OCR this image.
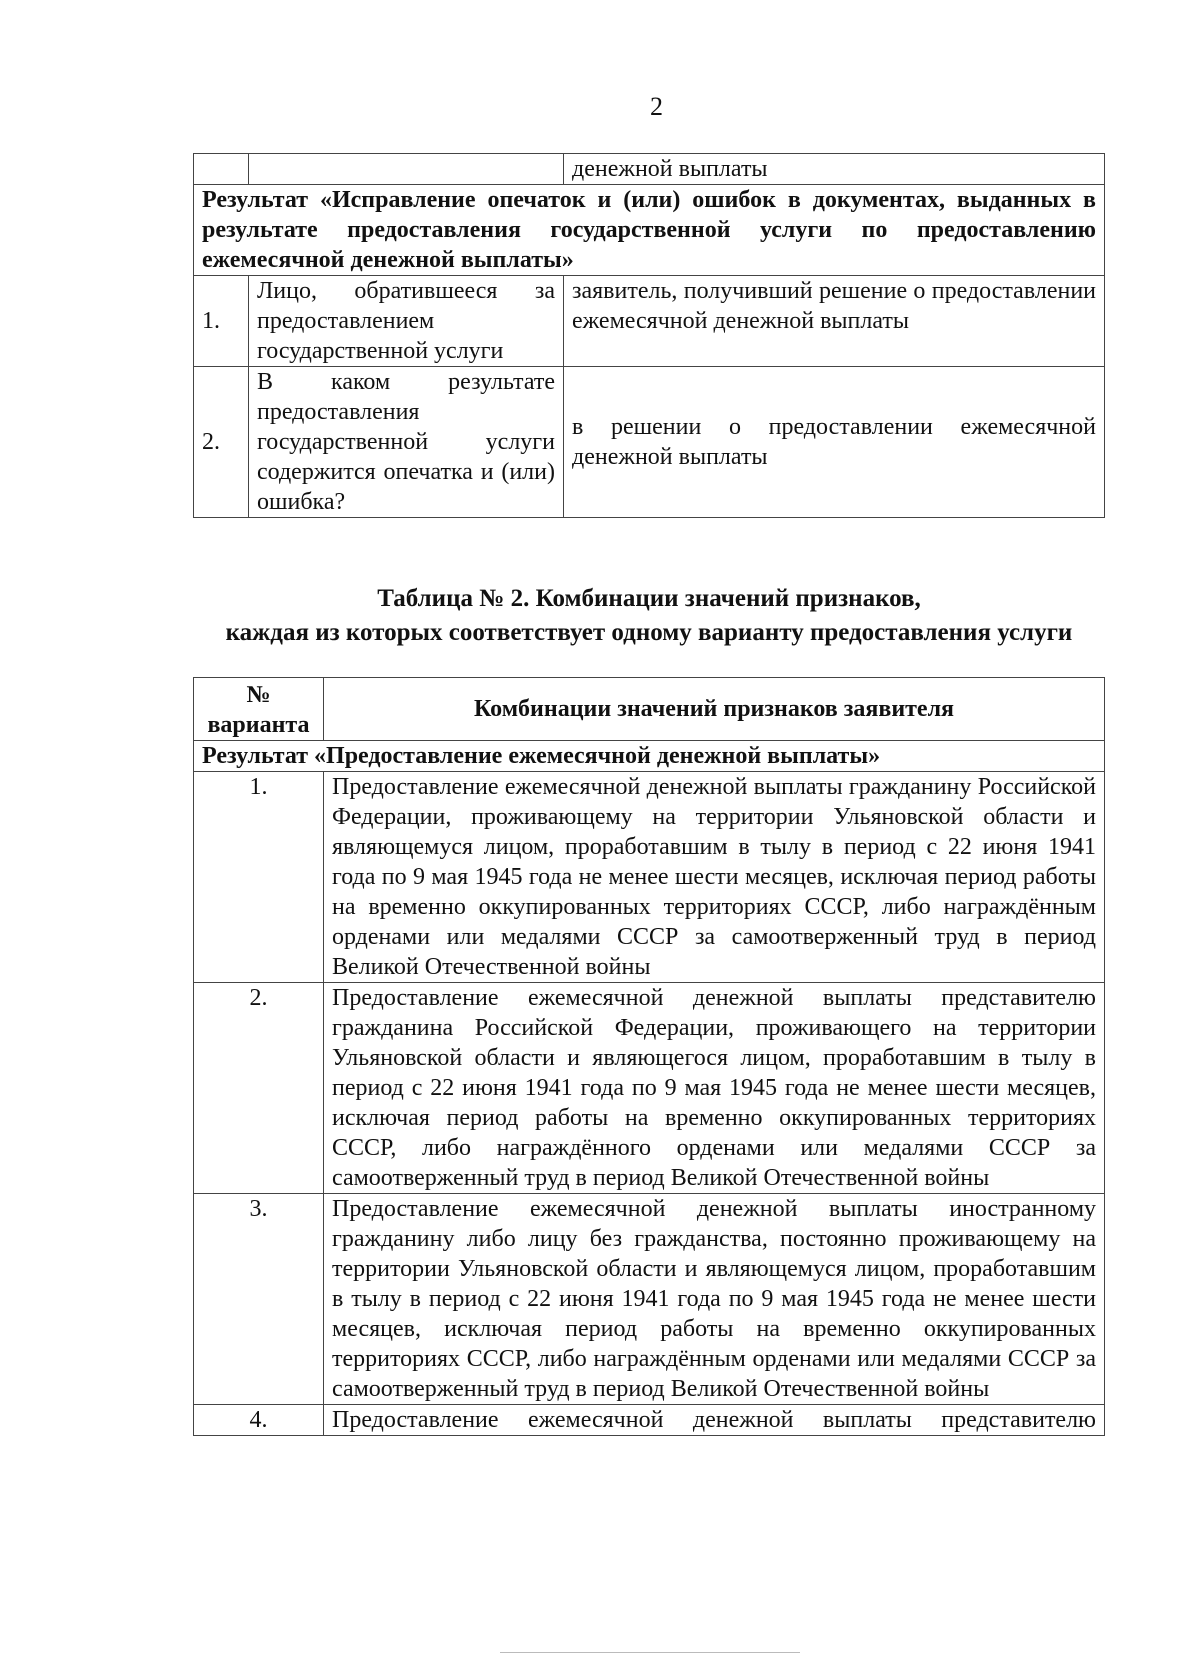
2
		денежной выплаты
Результат «Исправление опечаток и (или) ошибок в документах, выданных в результате предоставления государственной услуги по предоставлению ежемесячной денежной выплаты»		
1.	Лицо, обратившееся за предоставлением государственной услуги	заявитель, получивший решение о предоставлении ежемесячной денежной выплаты
2.	В каком результате предоставления государственной услуги содержится опечатка и (или) ошибка?	в решении о предоставлении ежемесячной денежной выплаты
Таблица № 2. Комбинации значений признаков,
каждая из которых соответствует одному варианту предоставления услуги
№ варианта	Комбинации значений признаков заявителя
Результат «Предоставление ежемесячной денежной выплаты»	
1.	Предоставление ежемесячной денежной выплаты гражданину Российской Федерации, проживающему на территории Ульяновской области и являющемуся лицом, проработавшим в тылу в период с 22 июня 1941 года по 9 мая 1945 года не менее шести месяцев, исключая период работы на временно оккупированных территориях СССР, либо награждённым орденами или медалями СССР за самоотверженный труд в период Великой Отечественной войны
2.	Предоставление ежемесячной денежной выплаты представителю гражданина Российской Федерации, проживающего на территории Ульяновской области и являющегося лицом, проработавшим в тылу в период с 22 июня 1941 года по 9 мая 1945 года не менее шести месяцев, исключая период работы на временно оккупированных территориях СССР, либо награждённого орденами или медалями СССР за самоотверженный труд в период Великой Отечественной войны
3.	Предоставление ежемесячной денежной выплаты иностранному гражданину либо лицу без гражданства, постоянно проживающему на территории Ульяновской области и являющемуся лицом, проработавшим в тылу в период с 22 июня 1941 года по 9 мая 1945 года не менее шести месяцев, исключая период работы на временно оккупированных территориях СССР, либо награждённым орденами или медалями СССР за самоотверженный труд в период Великой Отечественной войны
4.	Предоставление ежемесячной денежной выплаты представителю
